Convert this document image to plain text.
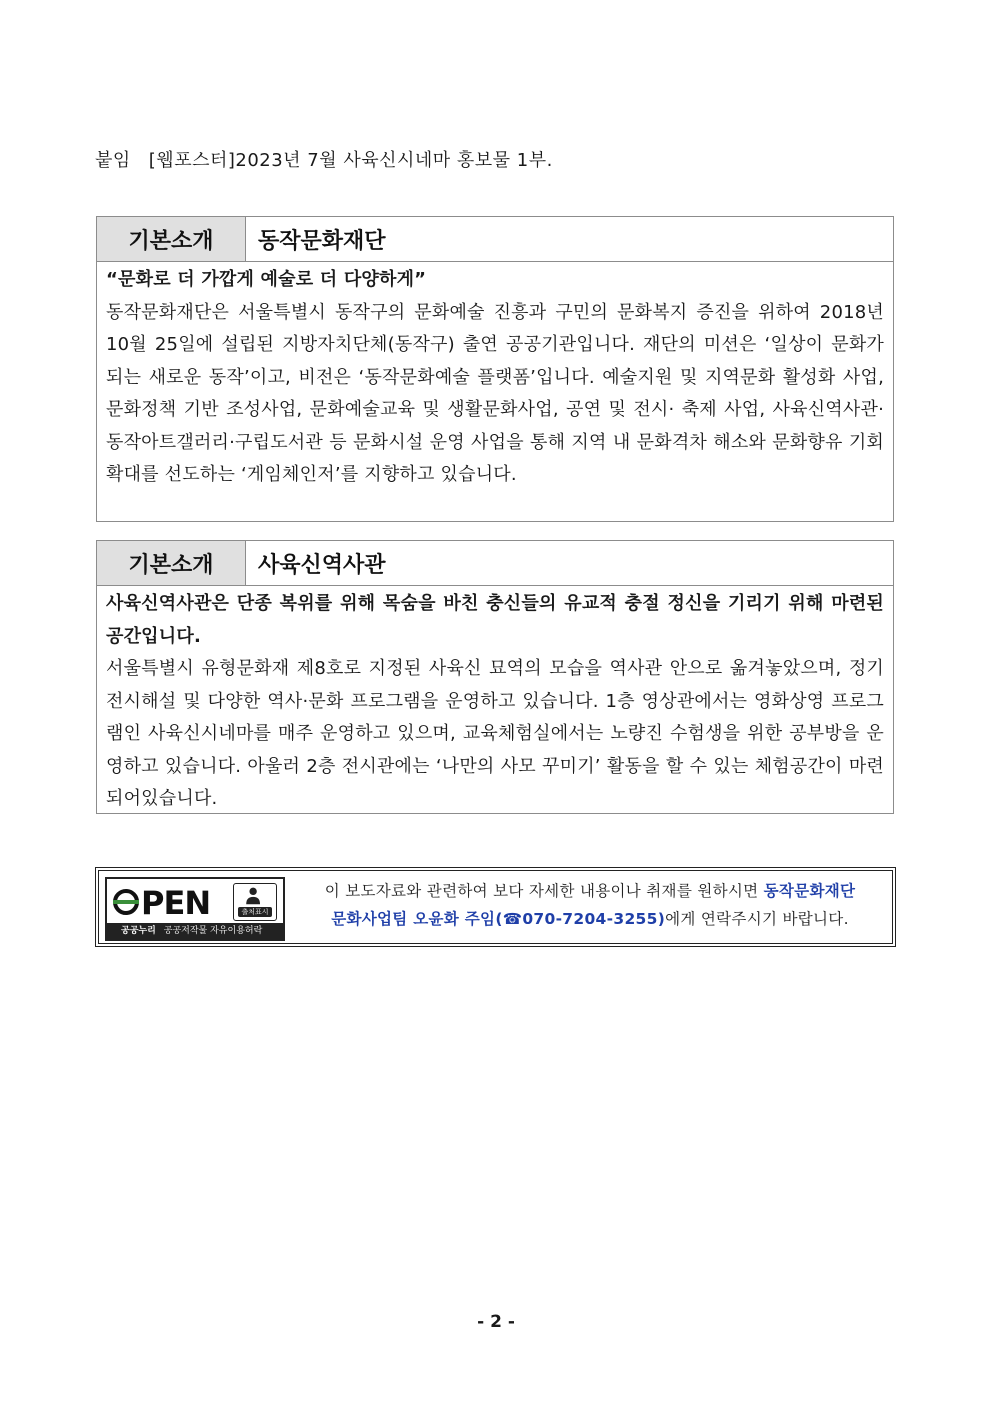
붙임 [웹포스터]2023년 7월 사육신시네마 홍보물 1부.
기본소개	동작문화재단

“문화로 더 가깝게 예술로 더 다양하게”

동작문화재단은 서울특별시 동작구의 문화예술 진흥과 구민의 문화복지 증진을 위하여 2018년 10월 25일에 설립된 지방자치단체(동작구) 출연 공공기관입니다. 재단의 미션은 ‘일상이 문화가 되는 새로운 동작’이고, 비전은 ‘동작문화예술 플랫폼’입니다. 예술지원 및 지역문화 활성화 사업, 문화정책 기반 조성사업, 문화예술교육 및 생활문화사업, 공연 및 전시· 축제 사업, 사육신역사관·동작아트갤러리·구립도서관 등 문화시설 운영 사업을 통해 지역 내 문화격차 해소와 문화향유 기회 확대를 선도하는 ‘게임체인저’를 지향하고 있습니다.

기본소개	사육신역사관

사육신역사관은 단종 복위를 위해 목숨을 바친 충신들의 유교적 충절 정신을 기리기 위해 마련된 공간입니다.

서울특별시 유형문화재 제8호로 지정된 사육신 묘역의 모습을 역사관 안으로 옮겨놓았으며, 정기 전시해설 및 다양한 역사·문화 프로그램을 운영하고 있습니다. 1층 영상관에서는 영화상영 프로그램인 사육신시네마를 매주 운영하고 있으며, 교육체험실에서는 노량진 수험생을 위한 공부방을 운영하고 있습니다. 아울러 2층 전시관에는 ‘나만의 사모 꾸미기’ 활동을 할 수 있는 체험공간이 마련되어있습니다.

PEN	출처표시
공공누리 공공저작물 자유이용허락
이 보도자료와 관련하여 보다 자세한 내용이나 취재를 원하시면 동작문화재단
문화사업팀 오윤화 주임(☎070-7204-3255)에게 연락주시기 바랍니다.
- 2 -
